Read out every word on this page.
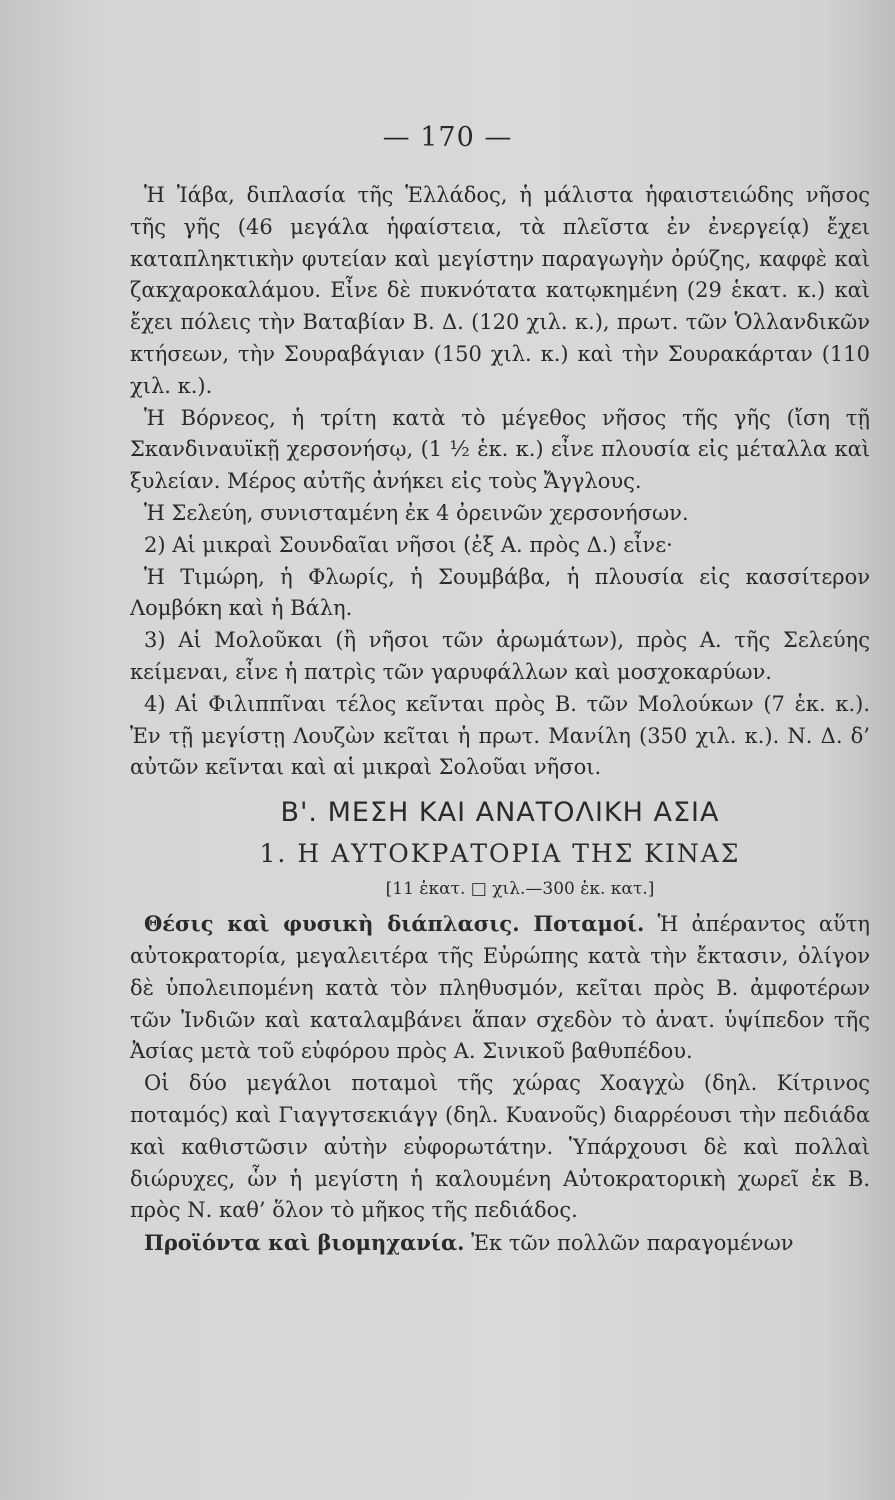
— 170 —

Ἡ Ἰάβα, διπλασία τῆς Ἑλλάδος, ἡ μάλιστα ἡφαιστειώδης νῆσος τῆς γῆς (46 μεγάλα ἡφαίστεια, τὰ πλεῖστα ἐν ἐνεργείᾳ) ἔχει καταπληκτικὴν φυτείαν καὶ μεγίστην παραγωγὴν ὀρύζης, καφφὲ καὶ ζακχαροκαλάμου. Εἶνε δὲ πυκνότατα κατῳκημένη (29 ἑκατ. κ.) καὶ ἔχει πόλεις τὴν Βαταβίαν Β. Δ. (120 χιλ. κ.), πρωτ. τῶν Ὁλλανδικῶν κτήσεων, τὴν Σουραβάγιαν (150 χιλ. κ.) καὶ τὴν Σουρακάρταν (110 χιλ. κ.).

Ἡ Βόρνεος, ἡ τρίτη κατὰ τὸ μέγεθος νῆσος τῆς γῆς (ἴση τῇ Σκανδιναυϊκῇ χερσονήσῳ, (1 ½ ἑκ. κ.) εἶνε πλουσία εἰς μέταλλα καὶ ξυλείαν. Μέρος αὐτῆς ἀνήκει εἰς τοὺς Ἄγγλους.

Ἡ Σελεύη, συνισταμένη ἐκ 4 ὀρεινῶν χερσονήσων.

2) Αἱ μικραὶ Σουνδαῖαι νῆσοι (ἐξ Α. πρὸς Δ.) εἶνε·

Ἡ Τιμώρη, ἡ Φλωρίς, ἡ Σουμβάβα, ἡ πλουσία εἰς κασσίτερον Λομβόκη καὶ ἡ Βάλη.

3) Αἱ Μολοῦκαι (ἢ νῆσοι τῶν ἀρωμάτων), πρὸς Α. τῆς Σελεύης κείμεναι, εἶνε ἡ πατρὶς τῶν γαρυφάλλων καὶ μοσχοκαρύων.

4) Αἱ Φιλιππῖναι τέλος κεῖνται πρὸς Β. τῶν Μολούκων (7 ἑκ. κ.). Ἐν τῇ μεγίστῃ Λουζὼν κεῖται ἡ πρωτ. Μανίλη (350 χιλ. κ.). Ν. Δ. δ’ αὐτῶν κεῖνται καὶ αἱ μικραὶ Σολοῦαι νῆσοι.

Β'. ΜΕΣΗ ΚΑΙ ΑΝΑΤΟΛΙΚΗ ΑΣΙΑ
1. Η ΑΥΤΟΚΡΑΤΟΡΙΑ ΤΗΣ ΚΙΝΑΣ
[11 ἑκατ. □ χιλ.—300 ἑκ. κατ.]

Θέσις καὶ φυσικὴ διάπλασις. Ποταμοί. Ἡ ἀπέραντος αὕτη αὐτοκρατορία, μεγαλειτέρα τῆς Εὐρώπης κατὰ τὴν ἔκτασιν, ὀλίγον δὲ ὑπολειπομένη κατὰ τὸν πληθυσμόν, κεῖται πρὸς Β. ἀμφοτέρων τῶν Ἰνδιῶν καὶ καταλαμβάνει ἅπαν σχεδὸν τὸ ἀνατ. ὑψίπεδον τῆς Ἀσίας μετὰ τοῦ εὐφόρου πρὸς Α. Σινικοῦ βαθυπέδου.

Οἱ δύο μεγάλοι ποταμοὶ τῆς χώρας Χοαγχὼ (δηλ. Κίτρινος ποταμός) καὶ Γιαγγτσεκιάγγ (δηλ. Κυανοῦς) διαρρέουσι τὴν πεδιάδα καὶ καθιστῶσιν αὐτὴν εὐφορωτάτην. Ὑπάρχουσι δὲ καὶ πολλαὶ διώρυχες, ὧν ἡ μεγίστη ἡ καλουμένη Αὐτοκρατορικὴ χωρεῖ ἐκ Β. πρὸς Ν. καθ’ ὅλον τὸ μῆκος τῆς πεδιάδος.

Προϊόντα καὶ βιομηχανία. Ἐκ τῶν πολλῶν παραγομένων
